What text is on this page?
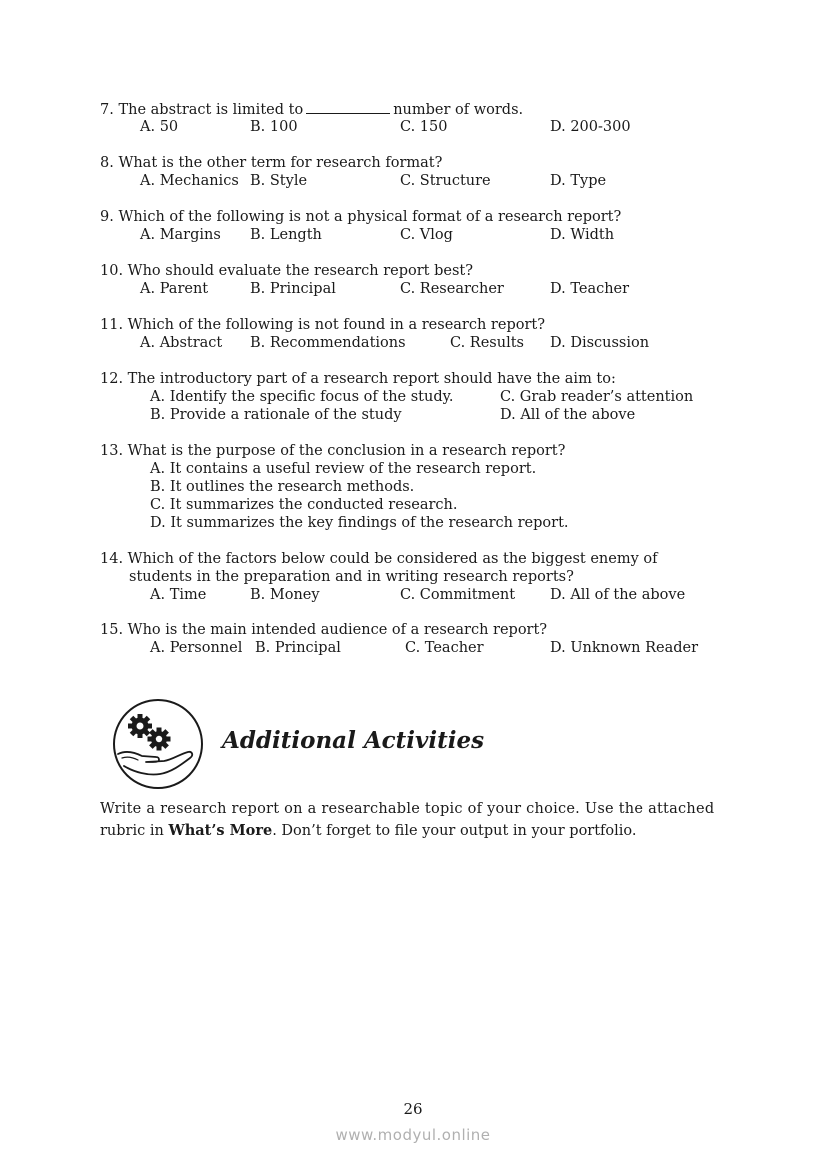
7. The abstract is limited to	number of words.
A. 50	B. 100	C. 150	D. 200-300
8. What is the other term for research format?
A. Mechanics B. Style	C. Structure	D. Type
9. Which of the following is not a physical format of a research report?
A. Margins B. Length	C. Vlog	D. Width
10. Who should evaluate the research report best?
A. Parent	B. Principal	C. Researcher	D. Teacher
11. Which of the following is not found in a research report?
A. Abstract B. Recommendations	C. Results D. Discussion
12. The introductory part of a research report should have the aim to:
A. Identify the specific focus of the study.	C. Grab reader’s attention
B. Provide a rationale of the study	D. All of the above
13. What is the purpose of the conclusion in a research report?
A. It contains a useful review of the research report.
B. It outlines the research methods.
C. It summarizes the conducted research.
D. It summarizes the key findings of the research report.
14. Which of the factors below could be considered as the biggest enemy of
students in the preparation and in writing research reports?
A. Time	B. Money	C. Commitment D. All of the above
15. Who is the main intended audience of a research report?
A. Personnel B. Principal	C. Teacher	D. Unknown Reader
Additional Activities
Write a research report on a researchable topic of your choice. Use the attached
rubric in What’s More. Don’t forget to file your output in your portfolio.
26
www.modyul.online
